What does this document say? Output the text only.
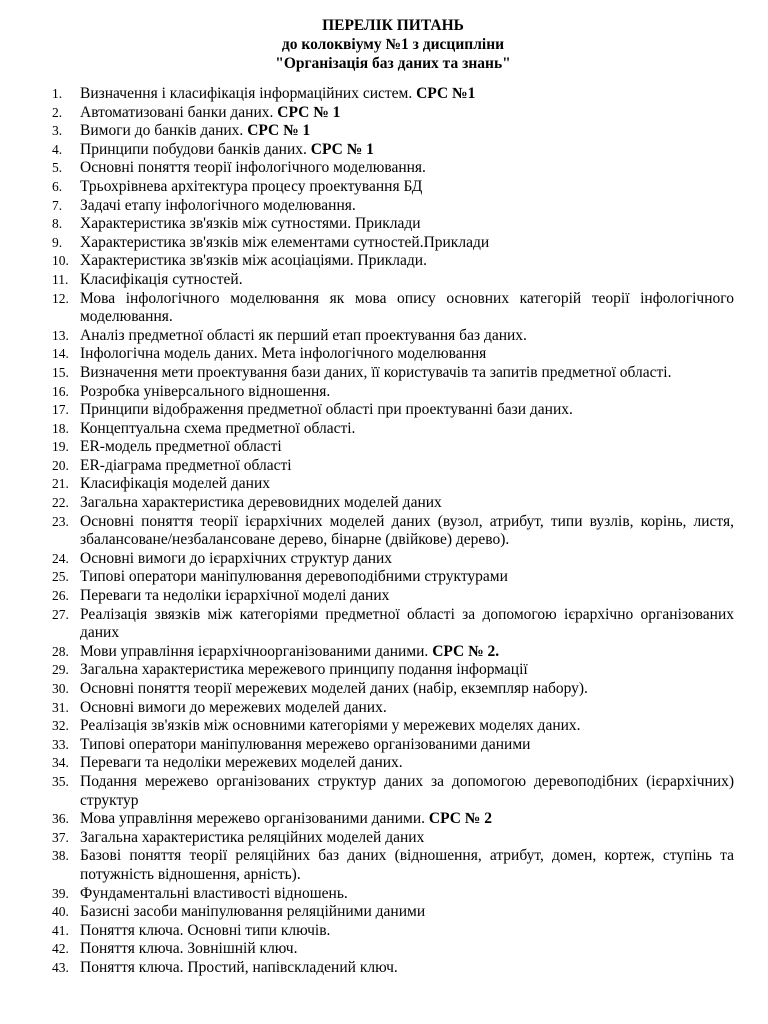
ПЕРЕЛІК ПИТАНЬ
до колоквіуму №1 з дисципліни
"Організація баз даних та знань"
1.	Визначення і класифікація інформаційних систем. СРС №1
2.	Автоматизовані банки даних. СРС № 1
3.	Вимоги до банків даних. СРС № 1
4.	Принципи побудови банків даних. СРС № 1
5.	Основні поняття теорії інфологічного моделювання.
6.	Трьохрівнева архітектура процесу проектування БД
7.	Задачі етапу інфологічного моделювання.
8.	Характеристика зв'язків між сутностями. Приклади
9.	Характеристика зв'язків між елементами сутностей.Приклади
10. Характеристика зв'язків між асоціаціями. Приклади.
11. Класифікація сутностей.
12. Мова інфологічного моделювання як мова опису основних категорій теорії інфологічного моделювання.
13. Аналіз предметної області як перший етап проектування баз даних.
14. Інфологічна модель даних. Мета інфологічного моделювання
15. Визначення мети проектування бази даних, її користувачів та запитів предметної області.
16. Розробка універсального відношення.
17. Принципи відображення предметної області при проектуванні бази даних.
18. Концептуальна схема предметної області.
19. ER-модель предметної області
20. ER-діаграма предметної області
21. Класифікація моделей даних
22. Загальна характеристика деревовидних моделей даних
23. Основні поняття теорії ієрархічних моделей даних (вузол, атрибут, типи вузлів, корінь, листя, збалансоване/незбалансоване дерево, бінарне (двійкове) дерево).
24. Основні вимоги до ієрархічних структур даних
25. Типові оператори маніпулювання деревоподібними структурами
26. Переваги та недоліки ієрархічної моделі даних
27. Реалізація звязків між категоріями предметної області за допомогою ієрархічно організованих даних
28. Мови управління ієрархічноорганізованими даними. СРС № 2.
29. Загальна характеристика мережевого принципу подання інформації
30. Основні поняття теорії мережевих моделей даних (набір, екземпляр набору).
31. Основні вимоги до мережевих моделей даних.
32. Реалізація зв'язків між основними категоріями у мережевих моделях даних.
33. Типові оператори маніпулювання мережево організованими даними
34. Переваги та недоліки мережевих моделей даних.
35. Подання мережево організованих структур даних за допомогою деревоподібних (ієрархічних) структур
36. Мова управління мережево організованими даними. СРС № 2
37. Загальна характеристика реляційних моделей даних
38. Базові поняття теорії реляційних баз даних (відношення, атрибут, домен, кортеж, ступінь та потужність відношення, арність).
39. Фундаментальні властивості відношень.
40. Базисні засоби маніпулювання реляційними даними
41. Поняття ключа. Основні типи ключів.
42. Поняття ключа. Зовнішній ключ.
43. Поняття ключа. Простий, напівскладений ключ.
